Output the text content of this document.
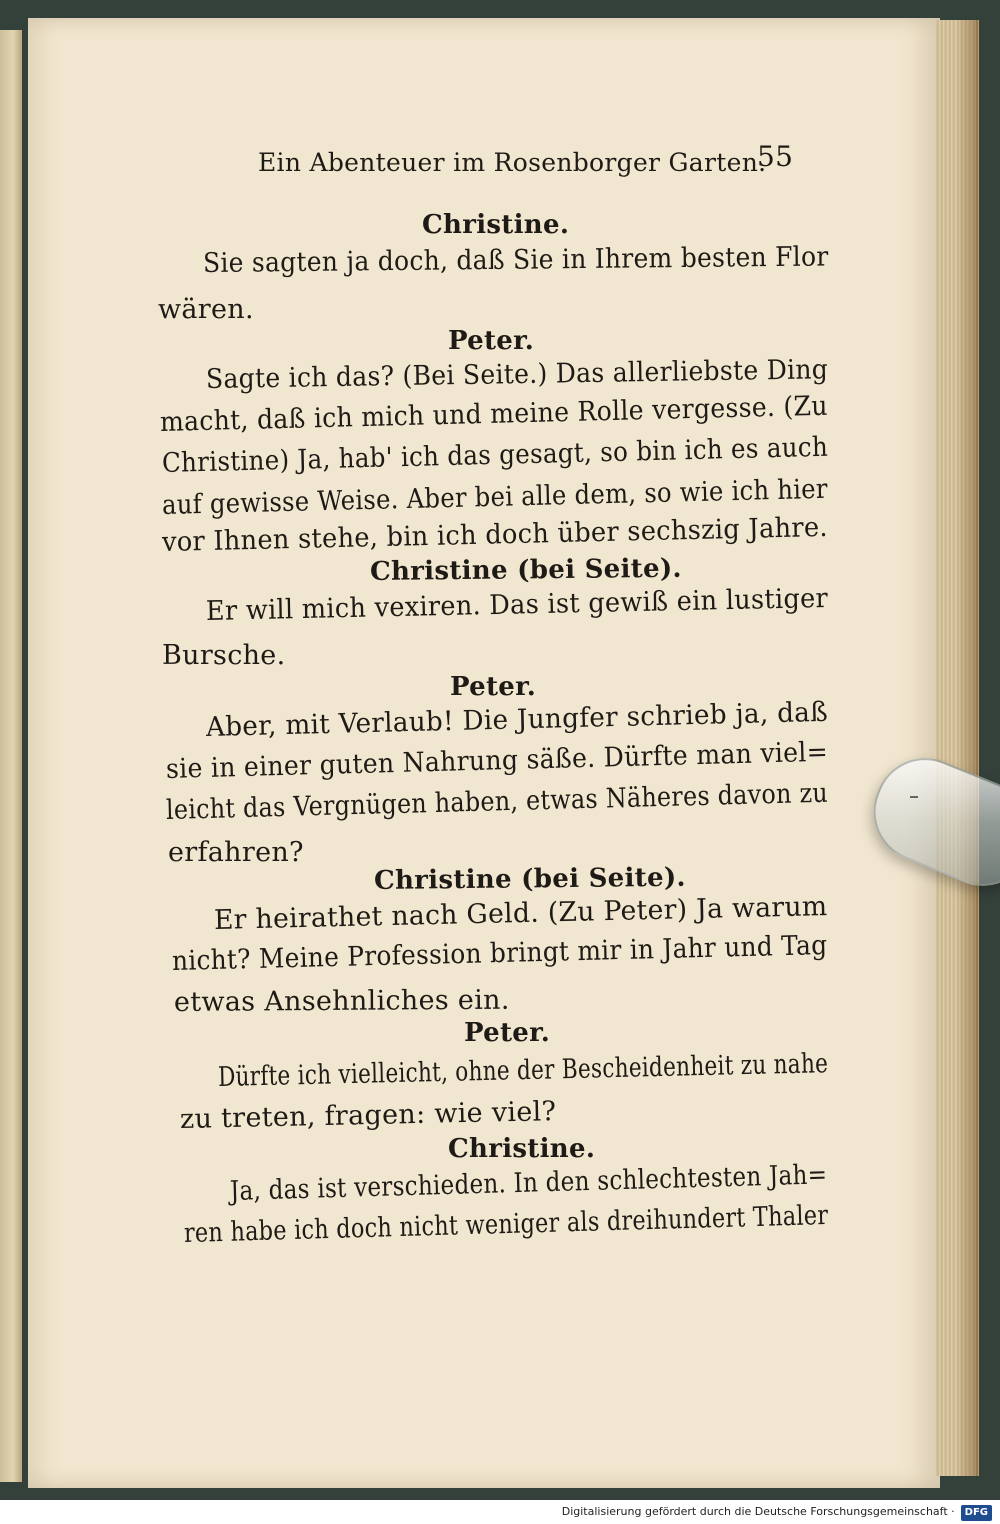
Ein Abenteuer im Rosenborger Garten.
55
Christine.
Sie sagten ja doch, daß Sie in Ihrem besten Flor
wären.
Peter.
Sagte ich das? (Bei Seite.) Das allerliebste Ding
macht, daß ich mich und meine Rolle vergesse. (Zu
Christine) Ja, hab' ich das gesagt, so bin ich es auch
auf gewisse Weise. Aber bei alle dem, so wie ich hier
vor Ihnen stehe, bin ich doch über sechszig Jahre.
Christine (bei Seite).
Er will mich vexiren. Das ist gewiß ein lustiger
Bursche.
Peter.
Aber, mit Verlaub! Die Jungfer schrieb ja, daß
sie in einer guten Nahrung säße. Dürfte man viel=
leicht das Vergnügen haben, etwas Näheres davon zu
erfahren?
Christine (bei Seite).
Er heirathet nach Geld. (Zu Peter) Ja warum
nicht? Meine Profession bringt mir in Jahr und Tag
etwas Ansehnliches ein.
Peter.
Dürfte ich vielleicht, ohne der Bescheidenheit zu nahe
zu treten, fragen: wie viel?
Christine.
Ja, das ist verschieden. In den schlechtesten Jah=
ren habe ich doch nicht weniger als dreihundert Thaler
Digitalisierung gefördert durch die Deutsche Forschungsgemeinschaft · DFG
